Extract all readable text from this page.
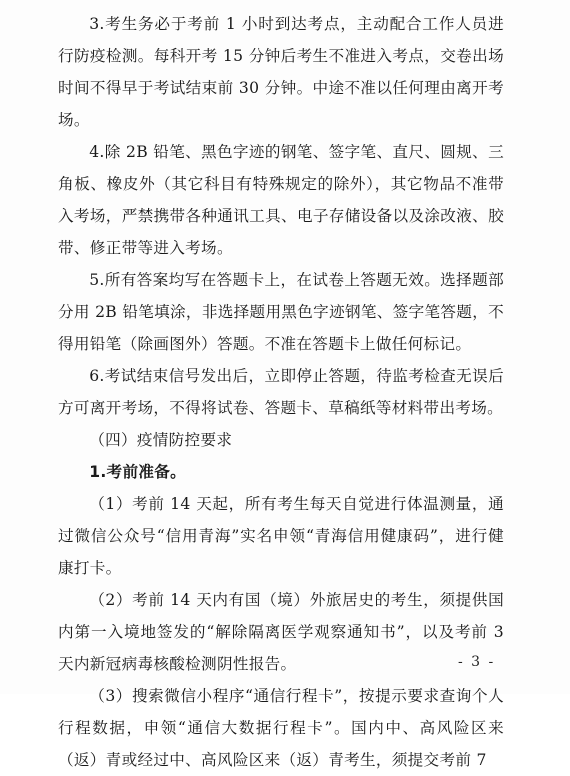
3.考生务必于考前 1 小时到达考点，主动配合工作人员进行防疫检测。每科开考 15 分钟后考生不准进入考点，交卷出场时间不得早于考试结束前 30 分钟。中途不准以任何理由离开考场。

4.除 2B 铅笔、黑色字迹的钢笔、签字笔、直尺、圆规、三角板、橡皮外（其它科目有特殊规定的除外），其它物品不准带入考场，严禁携带各种通讯工具、电子存储设备以及涂改液、胶带、修正带等进入考场。

5.所有答案均写在答题卡上，在试卷上答题无效。选择题部分用 2B 铅笔填涂，非选择题用黑色字迹钢笔、签字笔答题，不得用铅笔（除画图外）答题。不准在答题卡上做任何标记。

6.考试结束信号发出后，立即停止答题，待监考检查无误后方可离开考场，不得将试卷、答题卡、草稿纸等材料带出考场。

（四）疫情防控要求

1.考前准备。

（1）考前 14 天起，所有考生每天自觉进行体温测量，通过微信公众号“信用青海”实名申领“青海信用健康码”，进行健康打卡。

（2）考前 14 天内有国（境）外旅居史的考生，须提供国内第一入境地签发的“解除隔离医学观察通知书”，以及考前 3 天内新冠病毒核酸检测阴性报告。

（3）搜索微信小程序“通信行程卡”，按提示要求查询个人行程数据，申领“通信大数据行程卡”。国内中、高风险区来（返）青或经过中、高风险区来（返）青考生，须提交考前 7

- 3 -
